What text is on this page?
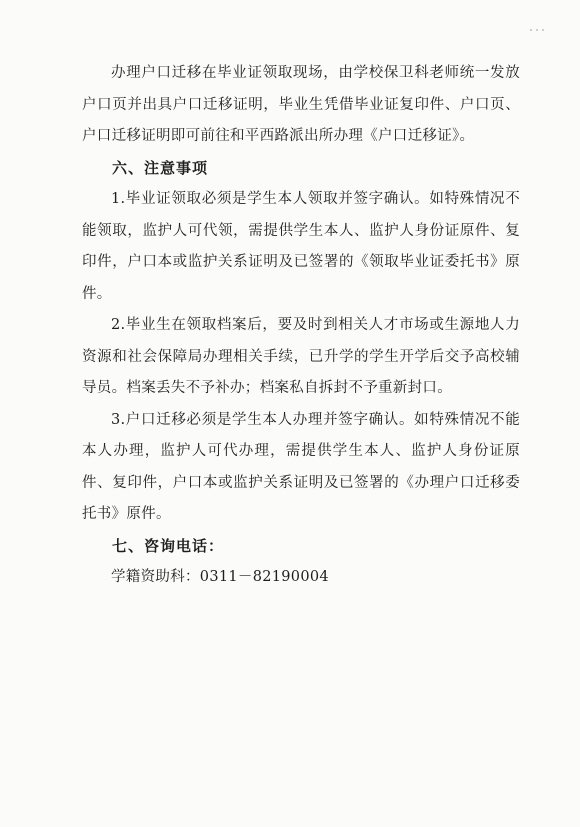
办理户口迁移在毕业证领取现场，由学校保卫科老师统一发放户口页并出具户口迁移证明，毕业生凭借毕业证复印件、户口页、户口迁移证明即可前往和平西路派出所办理《户口迁移证》。

六、注意事项

1.毕业证领取必须是学生本人领取并签字确认。如特殊情况不能领取，监护人可代领，需提供学生本人、监护人身份证原件、复印件，户口本或监护关系证明及已签署的《领取毕业证委托书》原件。

2.毕业生在领取档案后，要及时到相关人才市场或生源地人力资源和社会保障局办理相关手续，已升学的学生开学后交予高校辅导员。档案丢失不予补办；档案私自拆封不予重新封口。

3.户口迁移必须是学生本人办理并签字确认。如特殊情况不能本人办理，监护人可代办理，需提供学生本人、监护人身份证原件、复印件，户口本或监护关系证明及已签署的《办理户口迁移委托书》原件。

七、咨询电话：

学籍资助科：0311－82190004
